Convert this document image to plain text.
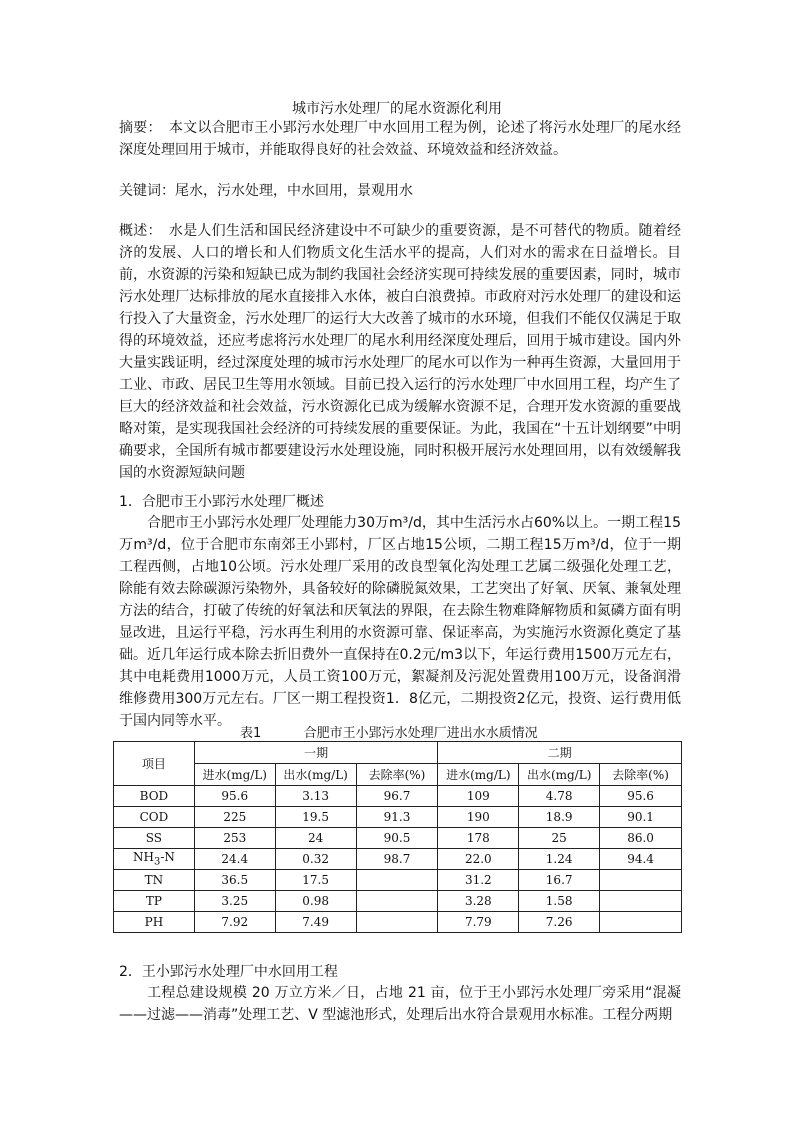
城市污水处理厂的尾水资源化利用

摘要：　本文以合肥市王小郢污水处理厂中水回用工程为例，论述了将污水处理厂的尾水经深度处理回用于城市，并能取得良好的社会效益、环境效益和经济效益。

关键词：尾水，污水处理，中水回用，景观用水

概述：　水是人们生活和国民经济建设中不可缺少的重要资源，是不可替代的物质。随着经济的发展、人口的增长和人们物质文化生活水平的提高，人们对水的需求在日益增长。目前，水资源的污染和短缺已成为制约我国社会经济实现可持续发展的重要因素，同时，城市污水处理厂达标排放的尾水直接排入水体，被白白浪费掉。市政府对污水处理厂的建设和运行投入了大量资金，污水处理厂的运行大大改善了城市的水环境，但我们不能仅仅满足于取得的环境效益，还应考虑将污水处理厂的尾水利用经深度处理后，回用于城市建设。国内外大量实践证明，经过深度处理的城市污水处理厂的尾水可以作为一种再生资源，大量回用于工业、市政、居民卫生等用水领域。目前已投入运行的污水处理厂中水回用工程，均产生了巨大的经济效益和社会效益，污水资源化已成为缓解水资源不足，合理开发水资源的重要战略对策，是实现我国社会经济的可持续发展的重要保证。为此，我国在“十五计划纲要”中明确要求，全国所有城市都要建设污水处理设施，同时积极开展污水处理回用，以有效缓解我国的水资源短缺问题

1．合肥市王小郢污水处理厂概述

合肥市王小郢污水处理厂处理能力30万m³/d，其中生活污水占60%以上。一期工程15万m³/d，位于合肥市东南郊王小郢村，厂区占地15公顷，二期工程15万m³/d，位于一期工程西侧，占地10公顷。污水处理厂采用的改良型氧化沟处理工艺属二级强化处理工艺，除能有效去除碳源污染物外，具备较好的除磷脱氮效果，工艺突出了好氧、厌氧、兼氧处理方法的结合，打破了传统的好氧法和厌氧法的界限，在去除生物难降解物质和氮磷方面有明显改进，且运行平稳，污水再生利用的水资源可靠、保证率高，为实施污水资源化奠定了基础。近几年运行成本除去折旧费外一直保持在0.2元/m3以下，年运行费用1500万元左右，其中电耗费用1000万元，人员工资100万元，絮凝剂及污泥处置费用100万元，设备润滑维修费用300万元左右。厂区一期工程投资1．8亿元，二期投资2亿元，投资、运行费用低于国内同等水平。

表1	合肥市王小郢污水处理厂进出水水质情况
项目	一期			二期		
	进水(mg/L)	出水(mg/L)	去除率(%)	进水(mg/L)	出水(mg/L)	去除率(%)
BOD	95.6	3.13	96.7	109	4.78	95.6
COD	225	19.5	91.3	190	18.9	90.1
SS	253	24	90.5	178	25	86.0
$NH_3-N$	24.4	0.32	98.7	22.0	1.24	94.4
TN	36.5	17.5		31.2	16.7	
TP	3.25	0.98		3.28	1.58	
PH	7.92	7.49		7.79	7.26	

2．王小郢污水处理厂中水回用工程

工程总建设规模 20 万立方米／日，占地 21 亩，位于王小郢污水处理厂旁采用“混凝——过滤——消毒”处理工艺、V 型滤池形式，处理后出水符合景观用水标准。工程分两期
